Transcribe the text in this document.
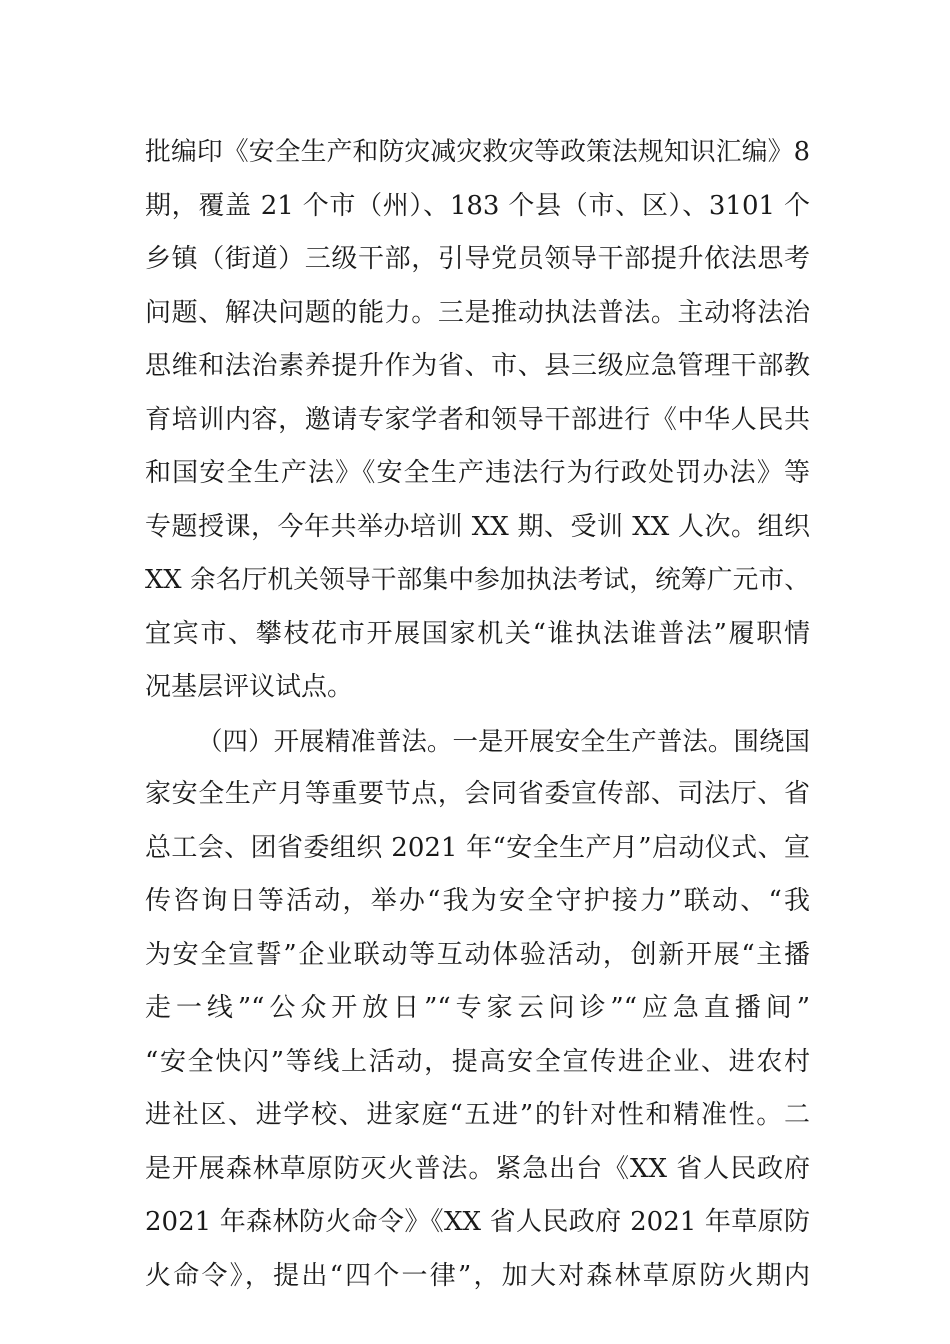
批编印《安全生产和防灾减灾救灾等政策法规知识汇编》8
期，覆盖 21 个市（州）、183 个县（市、区）、3101 个
乡镇（街道）三级干部，引导党员领导干部提升依法思考
问题、解决问题的能力。三是推动执法普法。主动将法治
思维和法治素养提升作为省、市、县三级应急管理干部教
育培训内容，邀请专家学者和领导干部进行《中华人民共
和国安全生产法》《安全生产违法行为行政处罚办法》等
专题授课，今年共举办培训 XX 期、受训 XX 人次。组织
XX 余名厅机关领导干部集中参加执法考试，统筹广元市、
宜宾市、攀枝花市开展国家机关“谁执法谁普法”履职情
况基层评议试点。
（四）开展精准普法。一是开展安全生产普法。围绕国
家安全生产月等重要节点，会同省委宣传部、司法厅、省
总工会、团省委组织 2021 年“安全生产月”启动仪式、宣
传咨询日等活动，举办“我为安全守护接力”联动、“我
为安全宣誓”企业联动等互动体验活动，创新开展“主播
走一线”“公众开放日”“专家云问诊”“应急直播间”
“安全快闪”等线上活动，提高安全宣传进企业、进农村
进社区、进学校、进家庭“五进”的针对性和精准性。二
是开展森林草原防灭火普法。紧急出台《XX 省人民政府
2021 年森林防火命令》《XX 省人民政府 2021 年草原防
火命令》，提出“四个一律”，加大对森林草原防火期内
